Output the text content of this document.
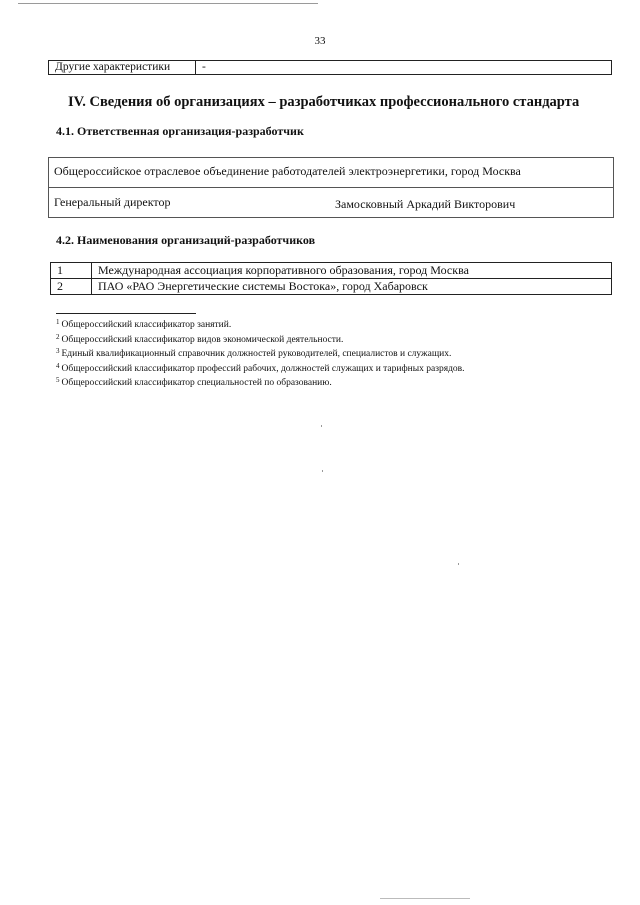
33
Другие характеристики	-
IV. Сведения об организациях – разработчиках профессионального стандарта
4.1. Ответственная организация-разработчик
Общероссийское отраслевое объединение работодателей электроэнергетики, город Москва
Генеральный директор	Замосковный Аркадий Викторович
4.2. Наименования организаций-разработчиков
1	Международная ассоциация корпоративного образования, город Москва
2	ПАО «РАО Энергетические системы Востока», город Хабаровск
$^1$ Общероссийский классификатор занятий.
$^2$ Общероссийский классификатор видов экономической деятельности.
$^3$ Единый квалификационный справочник должностей руководителей, специалистов и служащих.
$^4$ Общероссийский классификатор профессий рабочих, должностей служащих и тарифных разрядов.
$^5$ Общероссийский классификатор специальностей по образованию.
